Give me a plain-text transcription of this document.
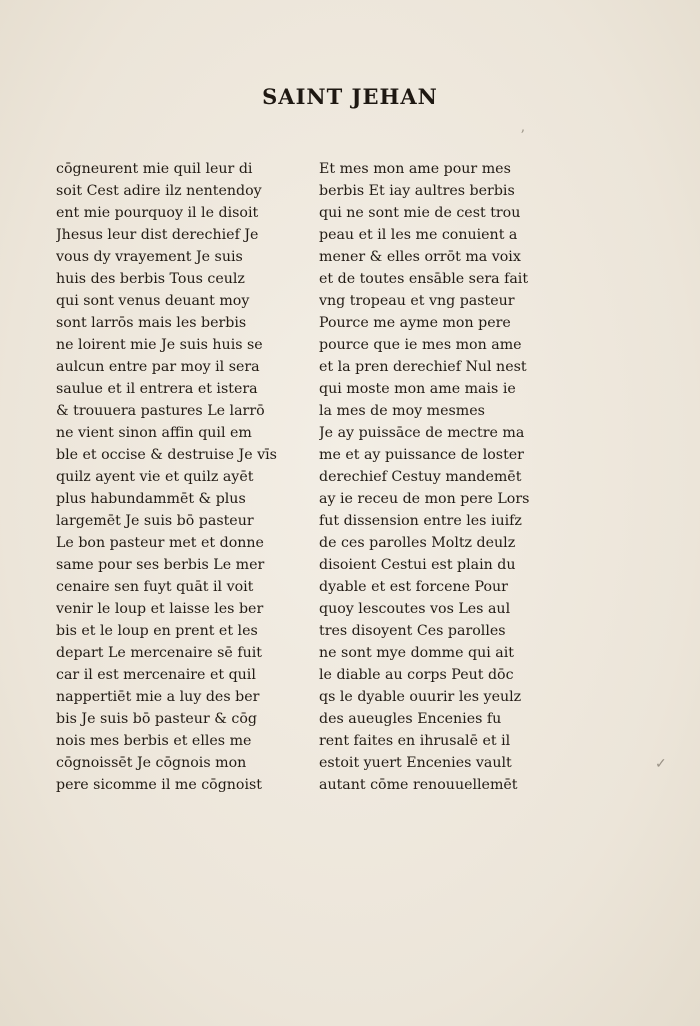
SAINT JEHAN
cōgneurent mie quil leur di
soit Cest adire ilz nentendoy
ent mie pourquoy il le disoit
Jhesus leur dist derechief Je
vous dy vrayement Je suis
huis des berbis Tous ceulz
qui sont venus deuant moy
sont larrōs mais les berbis
ne loirent mie Je suis huis se
aulcun entre par moy il sera
saulue et il entrera et istera
& trouuera pastures Le larrō
ne vient sinon affin quil em
ble et occise & destruise Je vīs
quilz ayent vie et quilz ayēt
plus habundammēt & plus
largemēt Je suis bō pasteur
Le bon pasteur met et donne
same pour ses berbis Le mer
cenaire sen fuyt quāt il voit
venir le loup et laisse les ber
bis et le loup en prent et les
depart Le mercenaire sē fuit
car il est mercenaire et quil
nappertiēt mie a luy des ber
bis Je suis bō pasteur & cōg
nois mes berbis et elles me
cōgnoissēt Je cōgnois mon
pere sicomme il me cōgnoist
Et mes mon ame pour mes
berbis Et iay aultres berbis
qui ne sont mie de cest trou
peau et il les me conuient a
mener & elles orrōt ma voix
et de toutes ensāble sera fait
vng tropeau et vng pasteur
Pource me ayme mon pere
pource que ie mes mon ame
et la pren derechief Nul nest
qui moste mon ame mais ie
la mes de moy mesmes
Je ay puissāce de mectre ma
me et ay puissance de loster
derechief Cestuy mandemēt
ay ie receu de mon pere Lors
fut dissension entre les iuifz
de ces parolles Moltz deulz
disoient Cestui est plain du
dyable et est forcene Pour
quoy lescoutes vos Les aul
tres disoyent Ces parolles
ne sont mye domme qui ait
le diable au corps Peut dōc
qs le dyable ouurir les yeulz
des aueugles Encenies fu
rent faites en ihrusalē et il
estoit yuert Encenies vault
autant cōme renouuellemēt
ʼ
✓
